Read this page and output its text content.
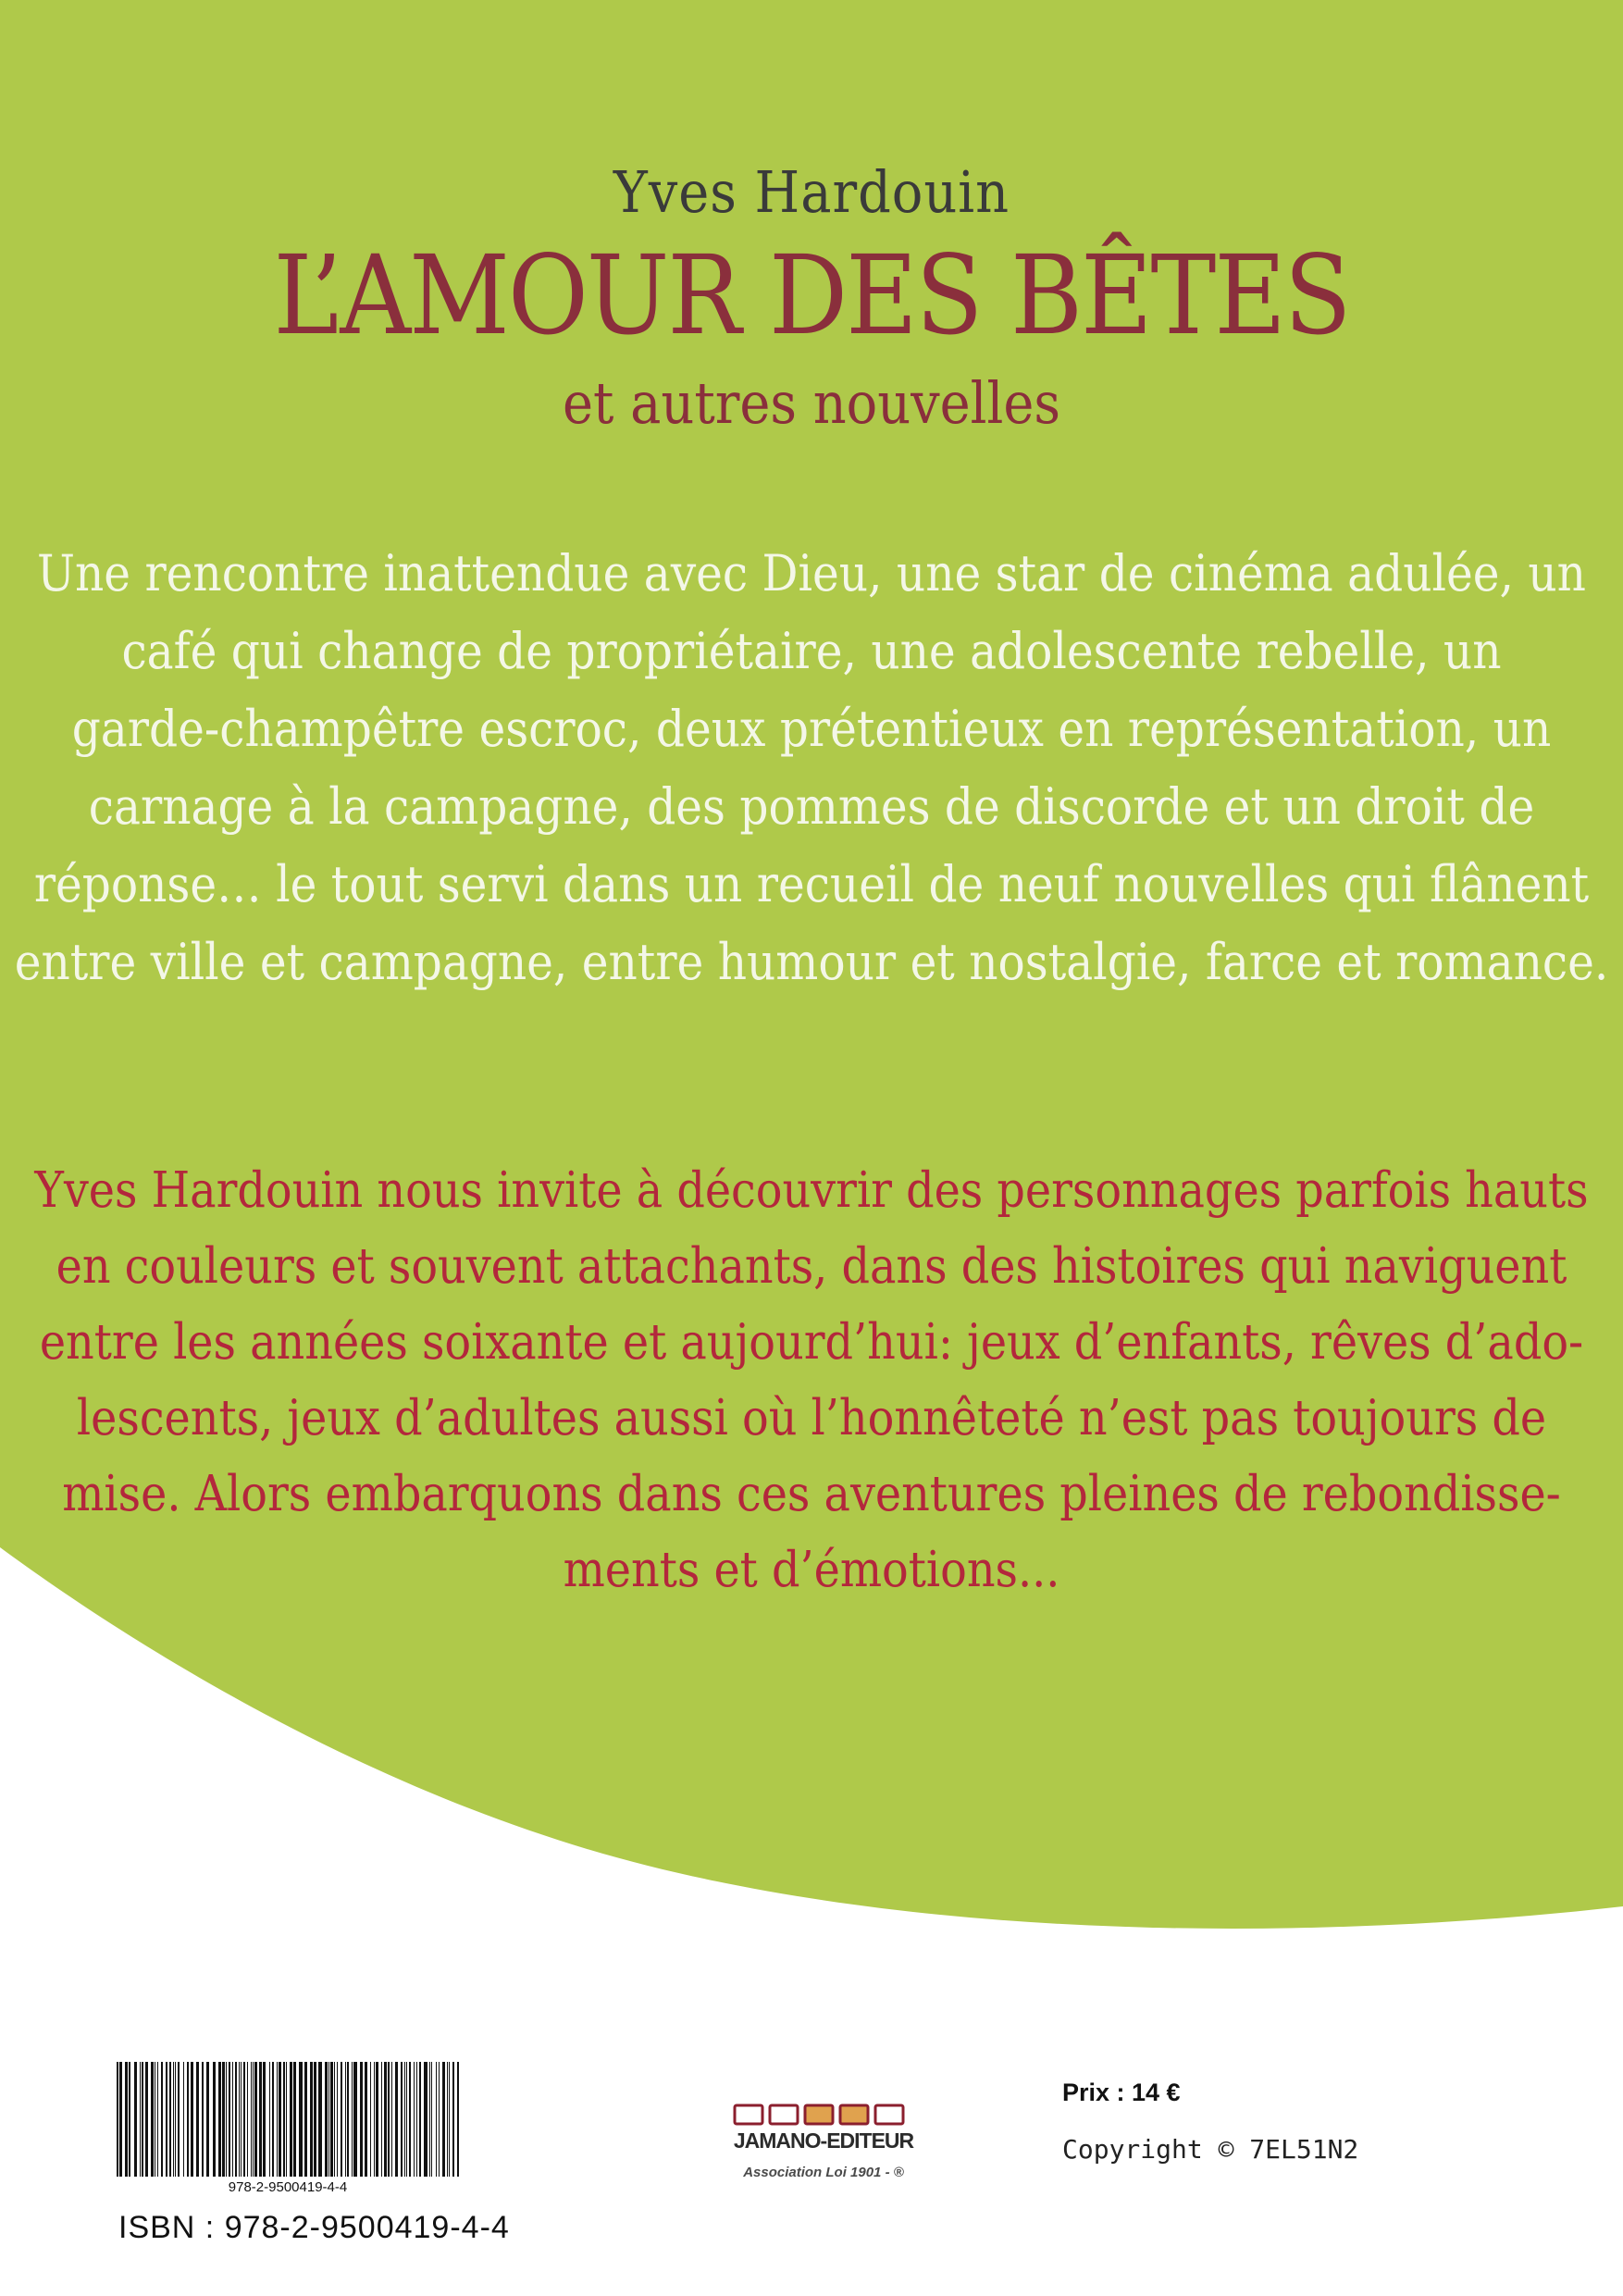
Yves Hardouin
L’AMOUR DES BÊTES
et autres nouvelles
Une rencontre inattendue avec Dieu, une star de cinéma adulée, un
café qui change de propriétaire, une adolescente rebelle, un
garde-champêtre escroc, deux prétentieux en représentation, un
carnage à la campagne, des pommes de discorde et un droit de
réponse… le tout servi dans un recueil de neuf nouvelles qui flânent
entre ville et campagne, entre humour et nostalgie, farce et romance.
Yves Hardouin nous invite à découvrir des personnages parfois hauts
en couleurs et souvent attachants, dans des histoires qui naviguent
entre les années soixante et aujourd’hui: jeux d’enfants, rêves d’ado-
lescents, jeux d’adultes aussi où l’honnêteté n’est pas toujours de
mise. Alors embarquons dans ces aventures pleines de rebondisse-
ments et d’émotions...
978-2-9500419-4-4
ISBN : 978-2-9500419-4-4
JAMANO-EDITEUR
Association Loi 1901 - ®
Prix : 14 €
Copyright © 7EL51N2
